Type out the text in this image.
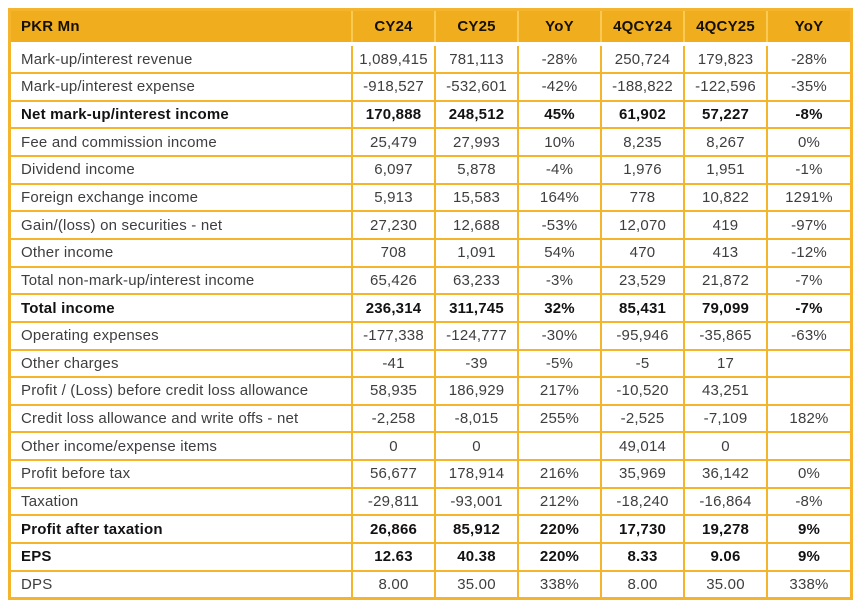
PKR Mn	CY24	CY25	YoY	4QCY24	4QCY25	YoY
Mark-up/interest revenue	1,089,415	781,113	-28%	250,724	179,823	-28%
Mark-up/interest expense	-918,527	-532,601	-42%	-188,822	-122,596	-35%
Net mark-up/interest income	170,888	248,512	45%	61,902	57,227	-8%
Fee and commission income	25,479	27,993	10%	8,235	8,267	0%
Dividend income	6,097	5,878	-4%	1,976	1,951	-1%
Foreign exchange income	5,913	15,583	164%	778	10,822	1291%
Gain/(loss) on securities - net	27,230	12,688	-53%	12,070	419	-97%
Other income	708	1,091	54%	470	413	-12%
Total non-mark-up/interest income	65,426	63,233	-3%	23,529	21,872	-7%
Total income	236,314	311,745	32%	85,431	79,099	-7%
Operating expenses	-177,338	-124,777	-30%	-95,946	-35,865	-63%
Other charges	-41	-39	-5%	-5	17	
Profit / (Loss) before credit loss allowance	58,935	186,929	217%	-10,520	43,251	
Credit loss allowance and write offs - net	-2,258	-8,015	255%	-2,525	-7,109	182%
Other income/expense items	0	0		49,014	0	
Profit before tax	56,677	178,914	216%	35,969	36,142	0%
Taxation	-29,811	-93,001	212%	-18,240	-16,864	-8%
Profit after taxation	26,866	85,912	220%	17,730	19,278	9%
EPS	12.63	40.38	220%	8.33	9.06	9%
DPS	8.00	35.00	338%	8.00	35.00	338%
